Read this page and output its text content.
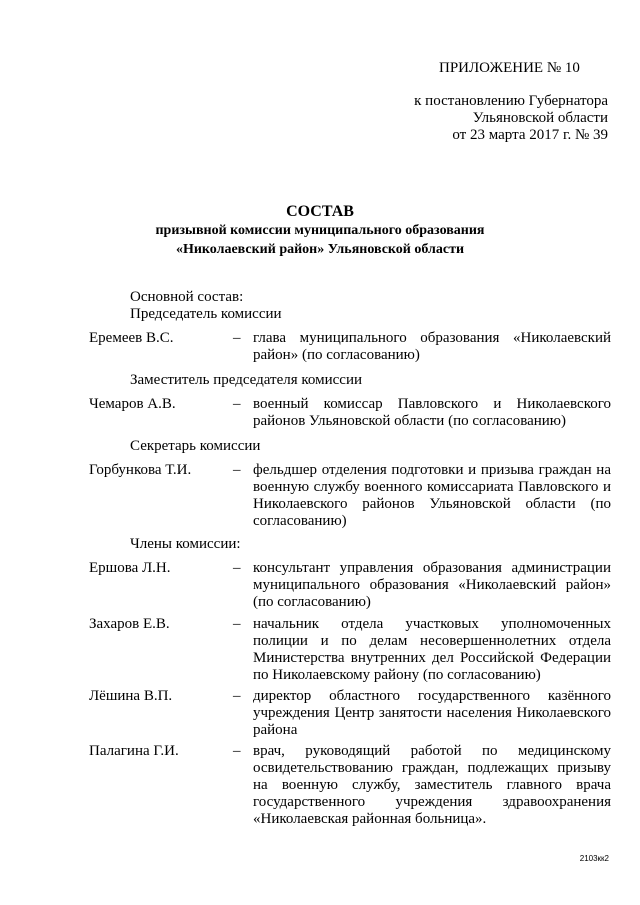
ПРИЛОЖЕНИЕ № 10
к постановлению Губернатора
Ульяновской области
от 23 марта 2017 г. № 39
СОСТАВ
призывной комиссии муниципального образования
«Николаевский район» Ульяновской области
Основной состав:
Председатель комиссии
Еремеев В.С.	– глава муниципального образования «Николаевский район» (по согласованию)
Заместитель председателя комиссии
Чемаров А.В.	– военный комиссар Павловского и Николаевского районов Ульяновской области (по согласованию)
Секретарь комиссии
Горбункова Т.И.	– фельдшер отделения подготовки и призыва граждан на военную службу военного комиссариата Павловского и Николаевского районов Ульяновской области (по согласованию)
Члены комиссии:
Ершова Л.Н.	– консультант управления образования администрации муниципального образования «Николаевский район» (по согласованию)
Захаров Е.В.	– начальник отдела участковых уполномоченных полиции и по делам несовершеннолетних отдела Министерства внутренних дел Российской Федерации по Николаевскому району (по согласованию)
Лёшина В.П.	– директор областного государственного казённого учреждения Центр занятости населения Николаевского района
Палагина Г.И.	– врач, руководящий работой по медицинскому освидетельствованию граждан, подлежащих призыву на военную службу, заместитель главного врача государственного учреждения здравоохранения «Николаевская районная больница».
2103кк2
